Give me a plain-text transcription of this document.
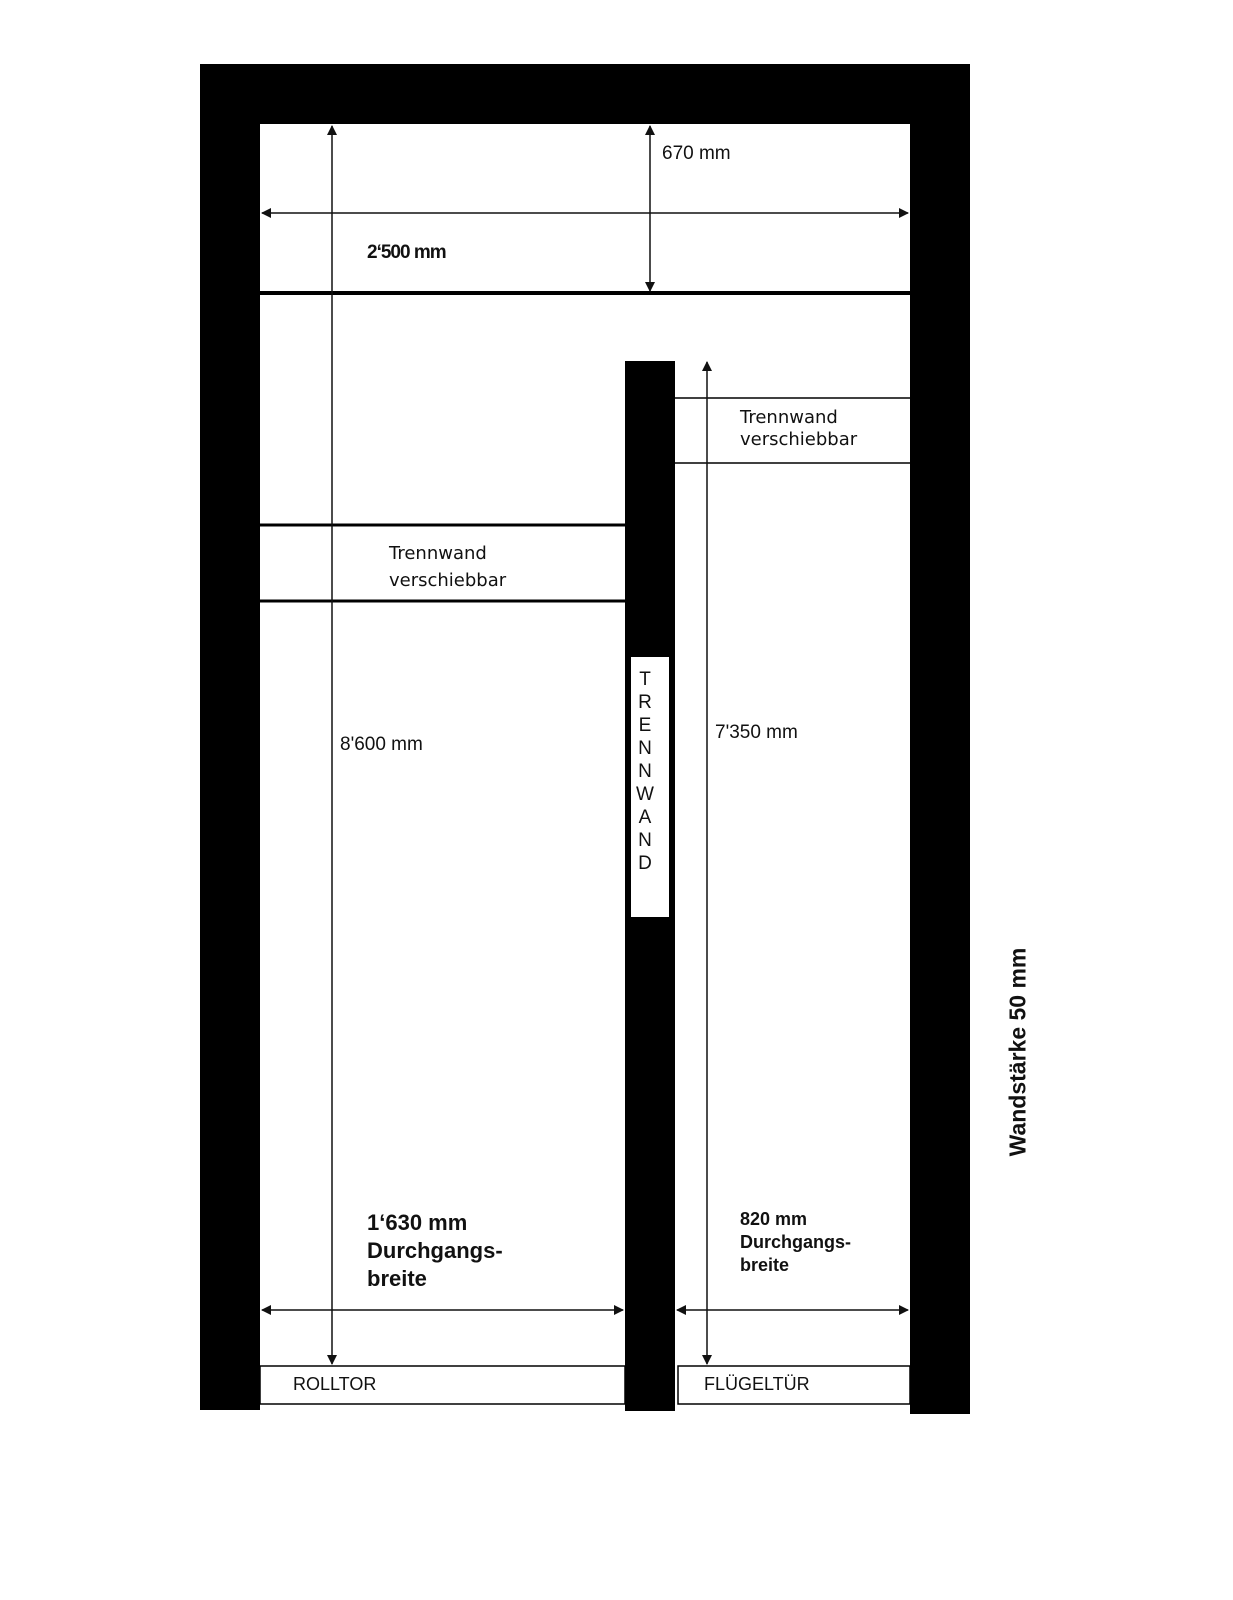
670 mm
2‘500 mm
8'600 mm
7'350 mm
Trennwand
verschiebbar
Trennwand
verschiebbar
T
R
E
N
N
W
A
N
D
1‘630 mm
Durchgangs-
breite
820 mm
Durchgangs-
breite
ROLLTOR	FLÜGELTÜR
Wandstärke 50 mm
